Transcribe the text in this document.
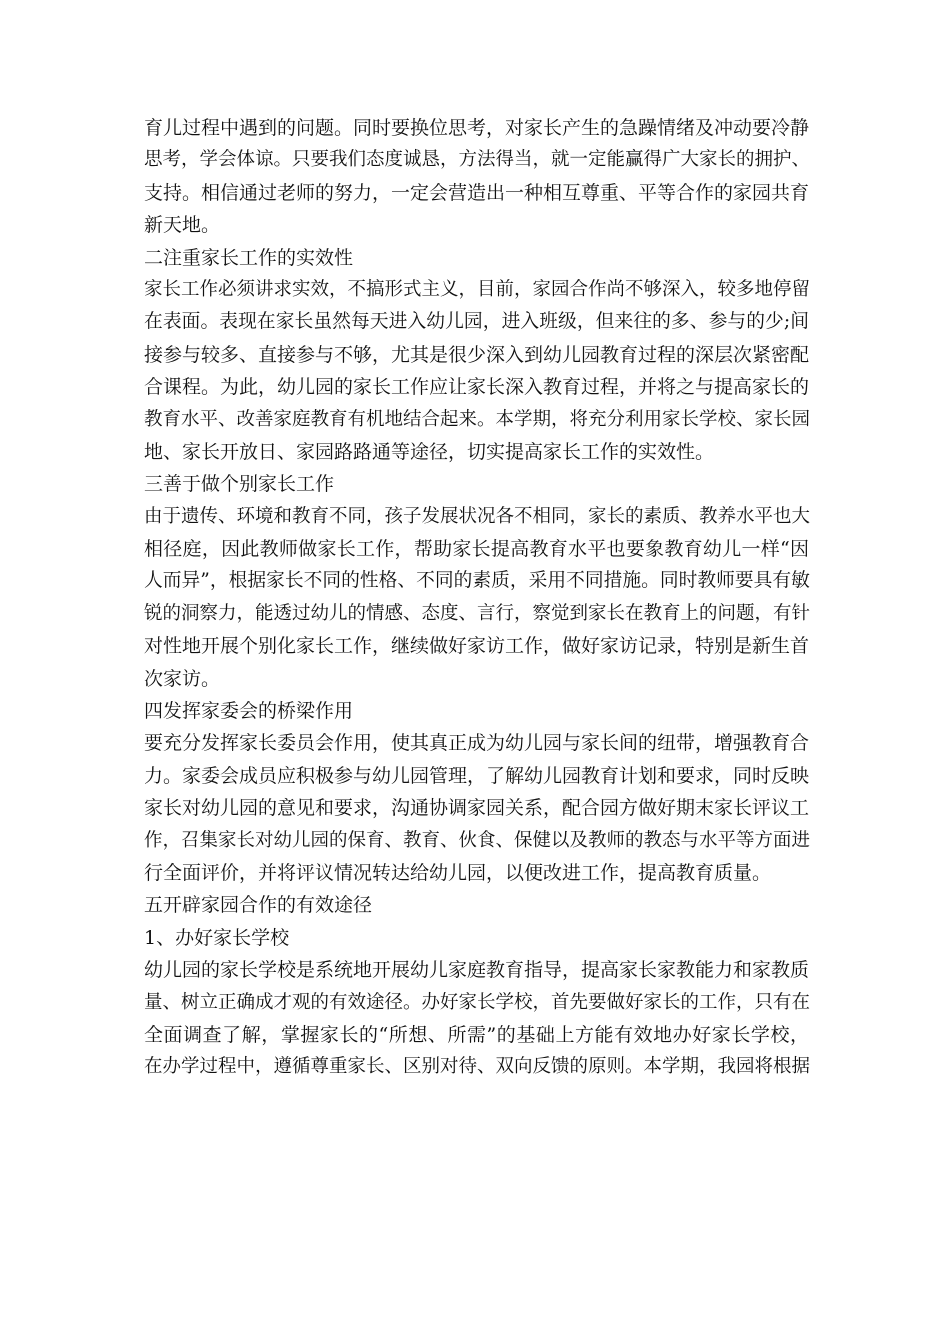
育儿过程中遇到的问题。同时要换位思考，对家长产生的急躁情绪及冲动要冷静
思考，学会体谅。只要我们态度诚恳，方法得当，就一定能赢得广大家长的拥护、
支持。相信通过老师的努力，一定会营造出一种相互尊重、平等合作的家园共育
新天地。
二注重家长工作的实效性
家长工作必须讲求实效，不搞形式主义，目前，家园合作尚不够深入，较多地停留
在表面。表现在家长虽然每天进入幼儿园，进入班级，但来往的多、参与的少;间
接参与较多、直接参与不够，尤其是很少深入到幼儿园教育过程的深层次紧密配
合课程。为此，幼儿园的家长工作应让家长深入教育过程，并将之与提高家长的
教育水平、改善家庭教育有机地结合起来。本学期，将充分利用家长学校、家长园
地、家长开放日、家园路路通等途径，切实提高家长工作的实效性。
三善于做个别家长工作
由于遗传、环境和教育不同，孩子发展状况各不相同，家长的素质、教养水平也大
相径庭，因此教师做家长工作，帮助家长提高教育水平也要象教育幼儿一样“因
人而异”，根据家长不同的性格、不同的素质，采用不同措施。同时教师要具有敏
锐的洞察力，能透过幼儿的情感、态度、言行，察觉到家长在教育上的问题，有针
对性地开展个别化家长工作，继续做好家访工作，做好家访记录，特别是新生首
次家访。
四发挥家委会的桥梁作用
要充分发挥家长委员会作用，使其真正成为幼儿园与家长间的纽带，增强教育合
力。家委会成员应积极参与幼儿园管理，了解幼儿园教育计划和要求，同时反映
家长对幼儿园的意见和要求，沟通协调家园关系，配合园方做好期末家长评议工
作，召集家长对幼儿园的保育、教育、伙食、保健以及教师的教态与水平等方面进
行全面评价，并将评议情况转达给幼儿园，以便改进工作，提高教育质量。
五开辟家园合作的有效途径
1、办好家长学校
幼儿园的家长学校是系统地开展幼儿家庭教育指导，提高家长家教能力和家教质
量、树立正确成才观的有效途径。办好家长学校，首先要做好家长的工作，只有在
全面调查了解，掌握家长的“所想、所需”的基础上方能有效地办好家长学校，
在办学过程中，遵循尊重家长、区别对待、双向反馈的原则。本学期，我园将根据
